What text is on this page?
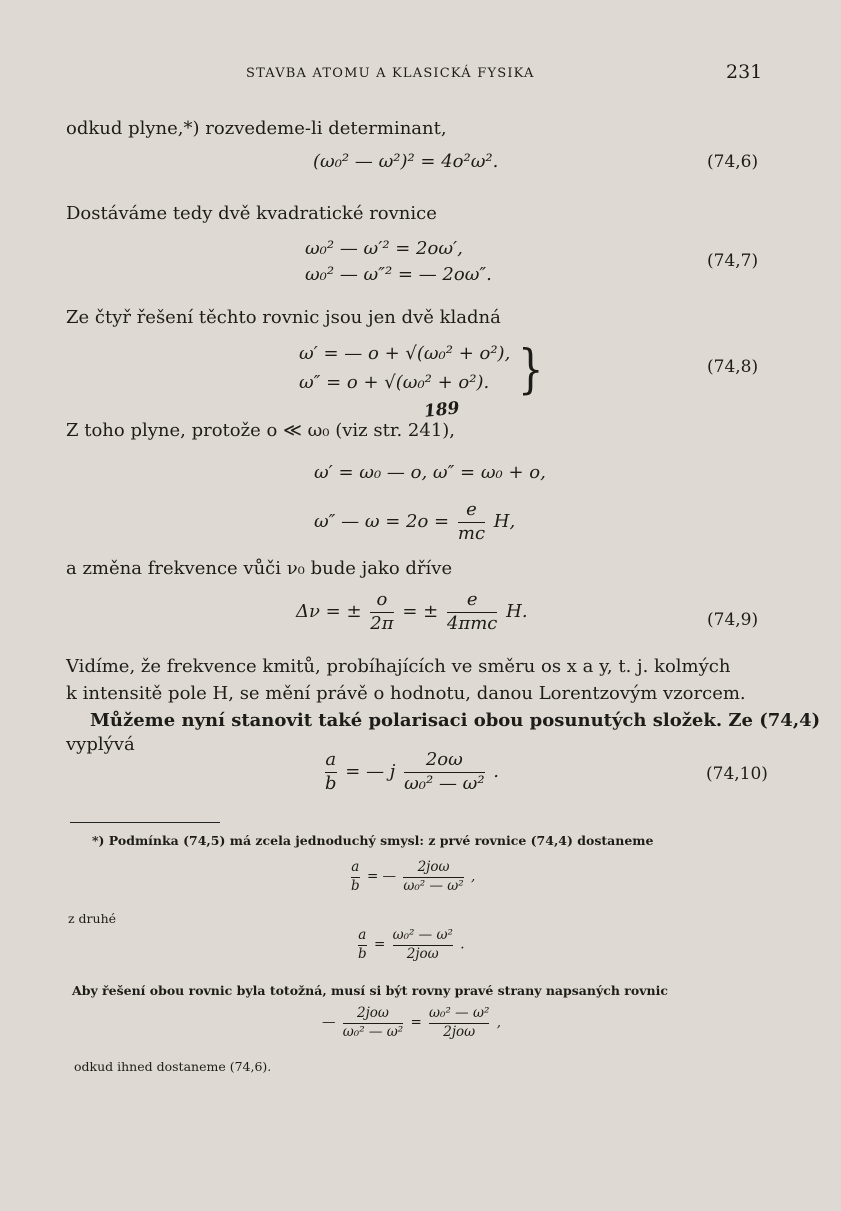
STAVBA ATOMU A KLASICKÁ FYSIKA	231
odkud plyne,*) rozvedeme-li determinant,
(ω₀² — ω²)² = 4o²ω².	(74,6)
Dostáváme tedy dvě kvadratické rovnice
ω₀² — ω′² = 2oω′,
ω₀² — ω″² = — 2oω″.
(74,7)
Ze čtyř řešení těchto rovnic jsou jen dvě kladná
ω′ = — o + √(ω₀² + o²),
ω″ = o + √(ω₀² + o²). }	(74,8)
Z toho plyne, protože o ≪ ω₀ (viz str. 241),
189
ω′ = ω₀ — o, ω″ = ω₀ + o,
ω″ — $\omega = 2o = \frac{e}{mc} H$,
a změna frekvence vůči ν₀ bude jako dříve
Δν = ± $\frac{o}{2\pi}$ = ± $\frac{e}{\text{4πmc}} H$.	(74,9)
Vidíme, že frekvence kmitů, probíhajících ve směru os x a y, t. j. kolmých
k intensitě pole H, se mění právě o hodnotu, danou Lorentzovým vzorcem.
Můžeme nyní stanovit také polarisaci obou posunutých složek. Ze (74,4)
vyplývá
$\frac{a}{b}$ = — j $\frac{2o\omega}{\text{ω₀² — ω²}}$ .	(74,10)
*) Podmínka (74,5) má zcela jednoduchý smysl: z prvé rovnice (74,4) dostaneme
$\frac{a}{b}$ = — $\frac{\text{2joω}}{\text{ω₀² — ω²}}$ ,
z druhé
$\frac{a}{b} = \frac{\text{ω₀² — ω²}}{\text{2joω}}$ .
Aby řešení obou rovnic byla totožná, musí si být rovny pravé strany napsaných rovnic
— $\frac{\text{2joω}}{\text{ω₀² — ω²}} = \frac{\text{ω₀² — ω²}}{\text{2joω}}$ ,
odkud ihned dostaneme (74,6).
